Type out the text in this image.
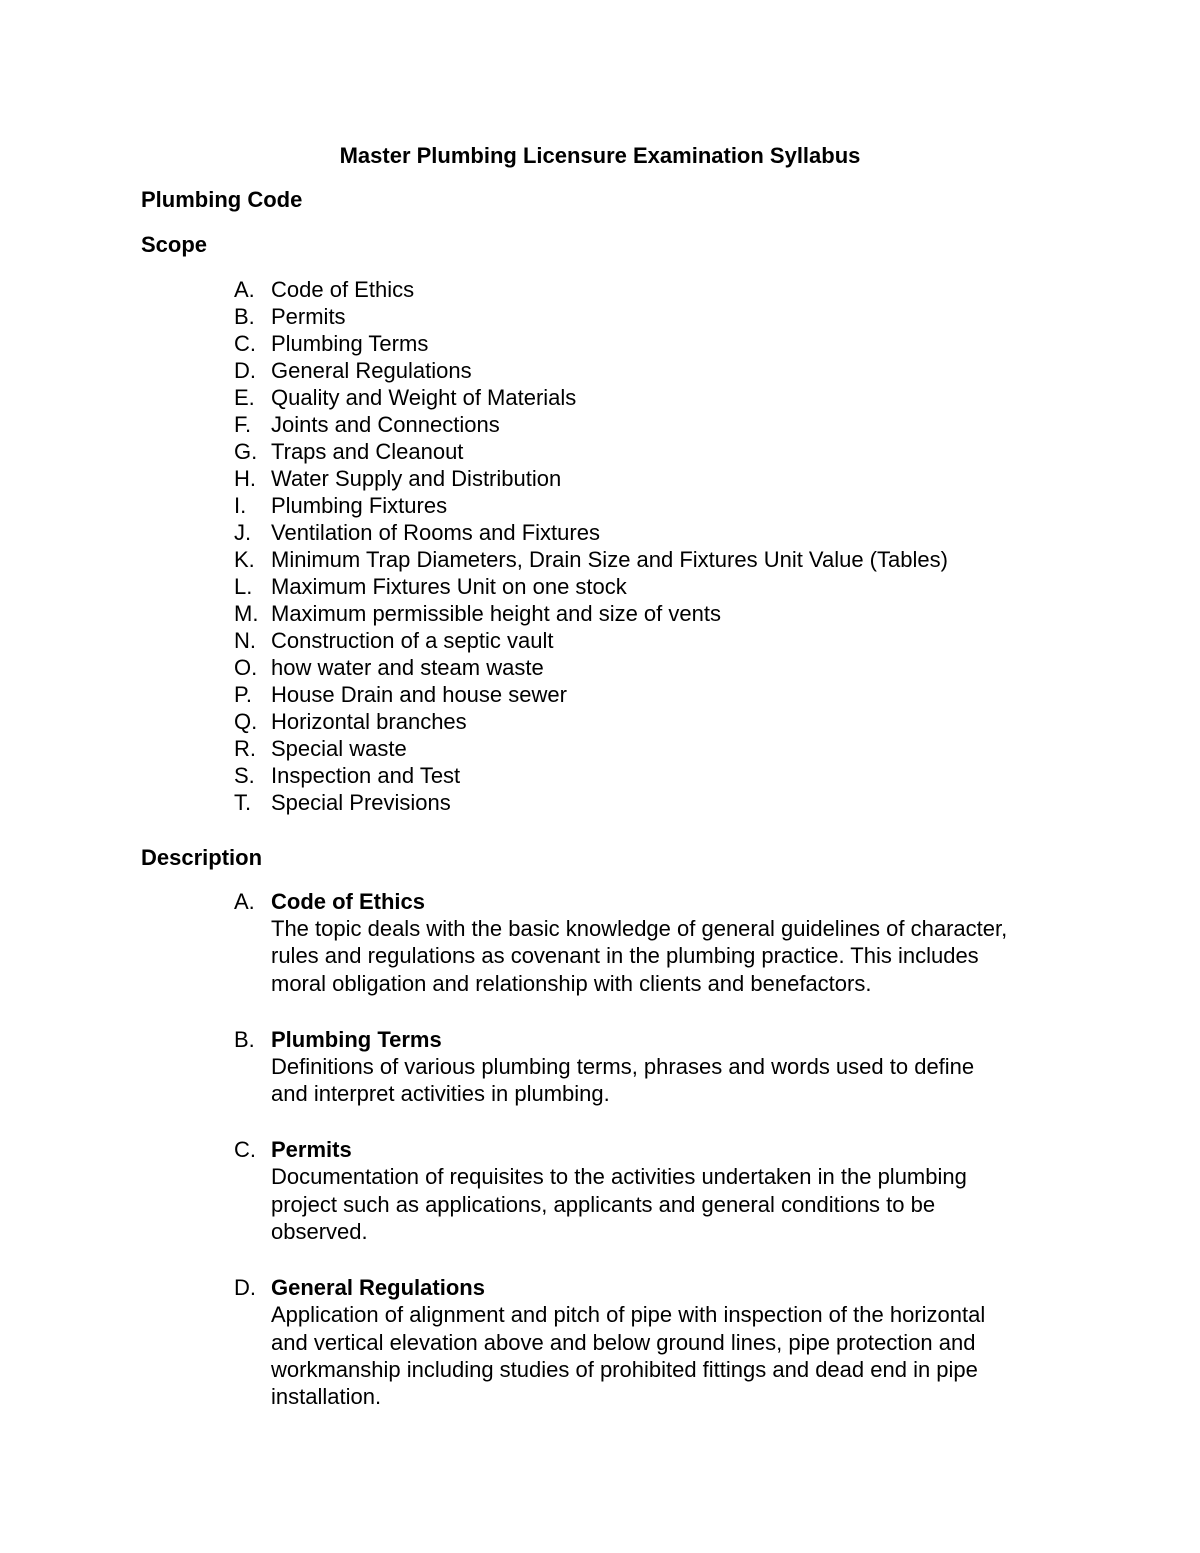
Master Plumbing Licensure Examination Syllabus
Plumbing Code
Scope
A. Code of Ethics
B. Permits
C. Plumbing Terms
D. General Regulations
E. Quality and Weight of Materials
F. Joints and Connections
G. Traps and Cleanout
H. Water Supply and Distribution
I. Plumbing Fixtures
J. Ventilation of Rooms and Fixtures
K. Minimum Trap Diameters, Drain Size and Fixtures Unit Value (Tables)
L. Maximum Fixtures Unit on one stock
M. Maximum permissible height and size of vents
N. Construction of a septic vault
O. how water and steam waste
P. House Drain and house sewer
Q. Horizontal branches
R. Special waste
S. Inspection and Test
T. Special Previsions
Description
A. Code of Ethics
The topic deals with the basic knowledge of general guidelines of character,
rules and regulations as covenant in the plumbing practice. This includes
moral obligation and relationship with clients and benefactors.
B. Plumbing Terms
Definitions of various plumbing terms, phrases and words used to define
and interpret activities in plumbing.
C. Permits
Documentation of requisites to the activities undertaken in the plumbing
project such as applications, applicants and general conditions to be
observed.
D. General Regulations
Application of alignment and pitch of pipe with inspection of the horizontal
and vertical elevation above and below ground lines, pipe protection and
workmanship including studies of prohibited fittings and dead end in pipe
installation.
